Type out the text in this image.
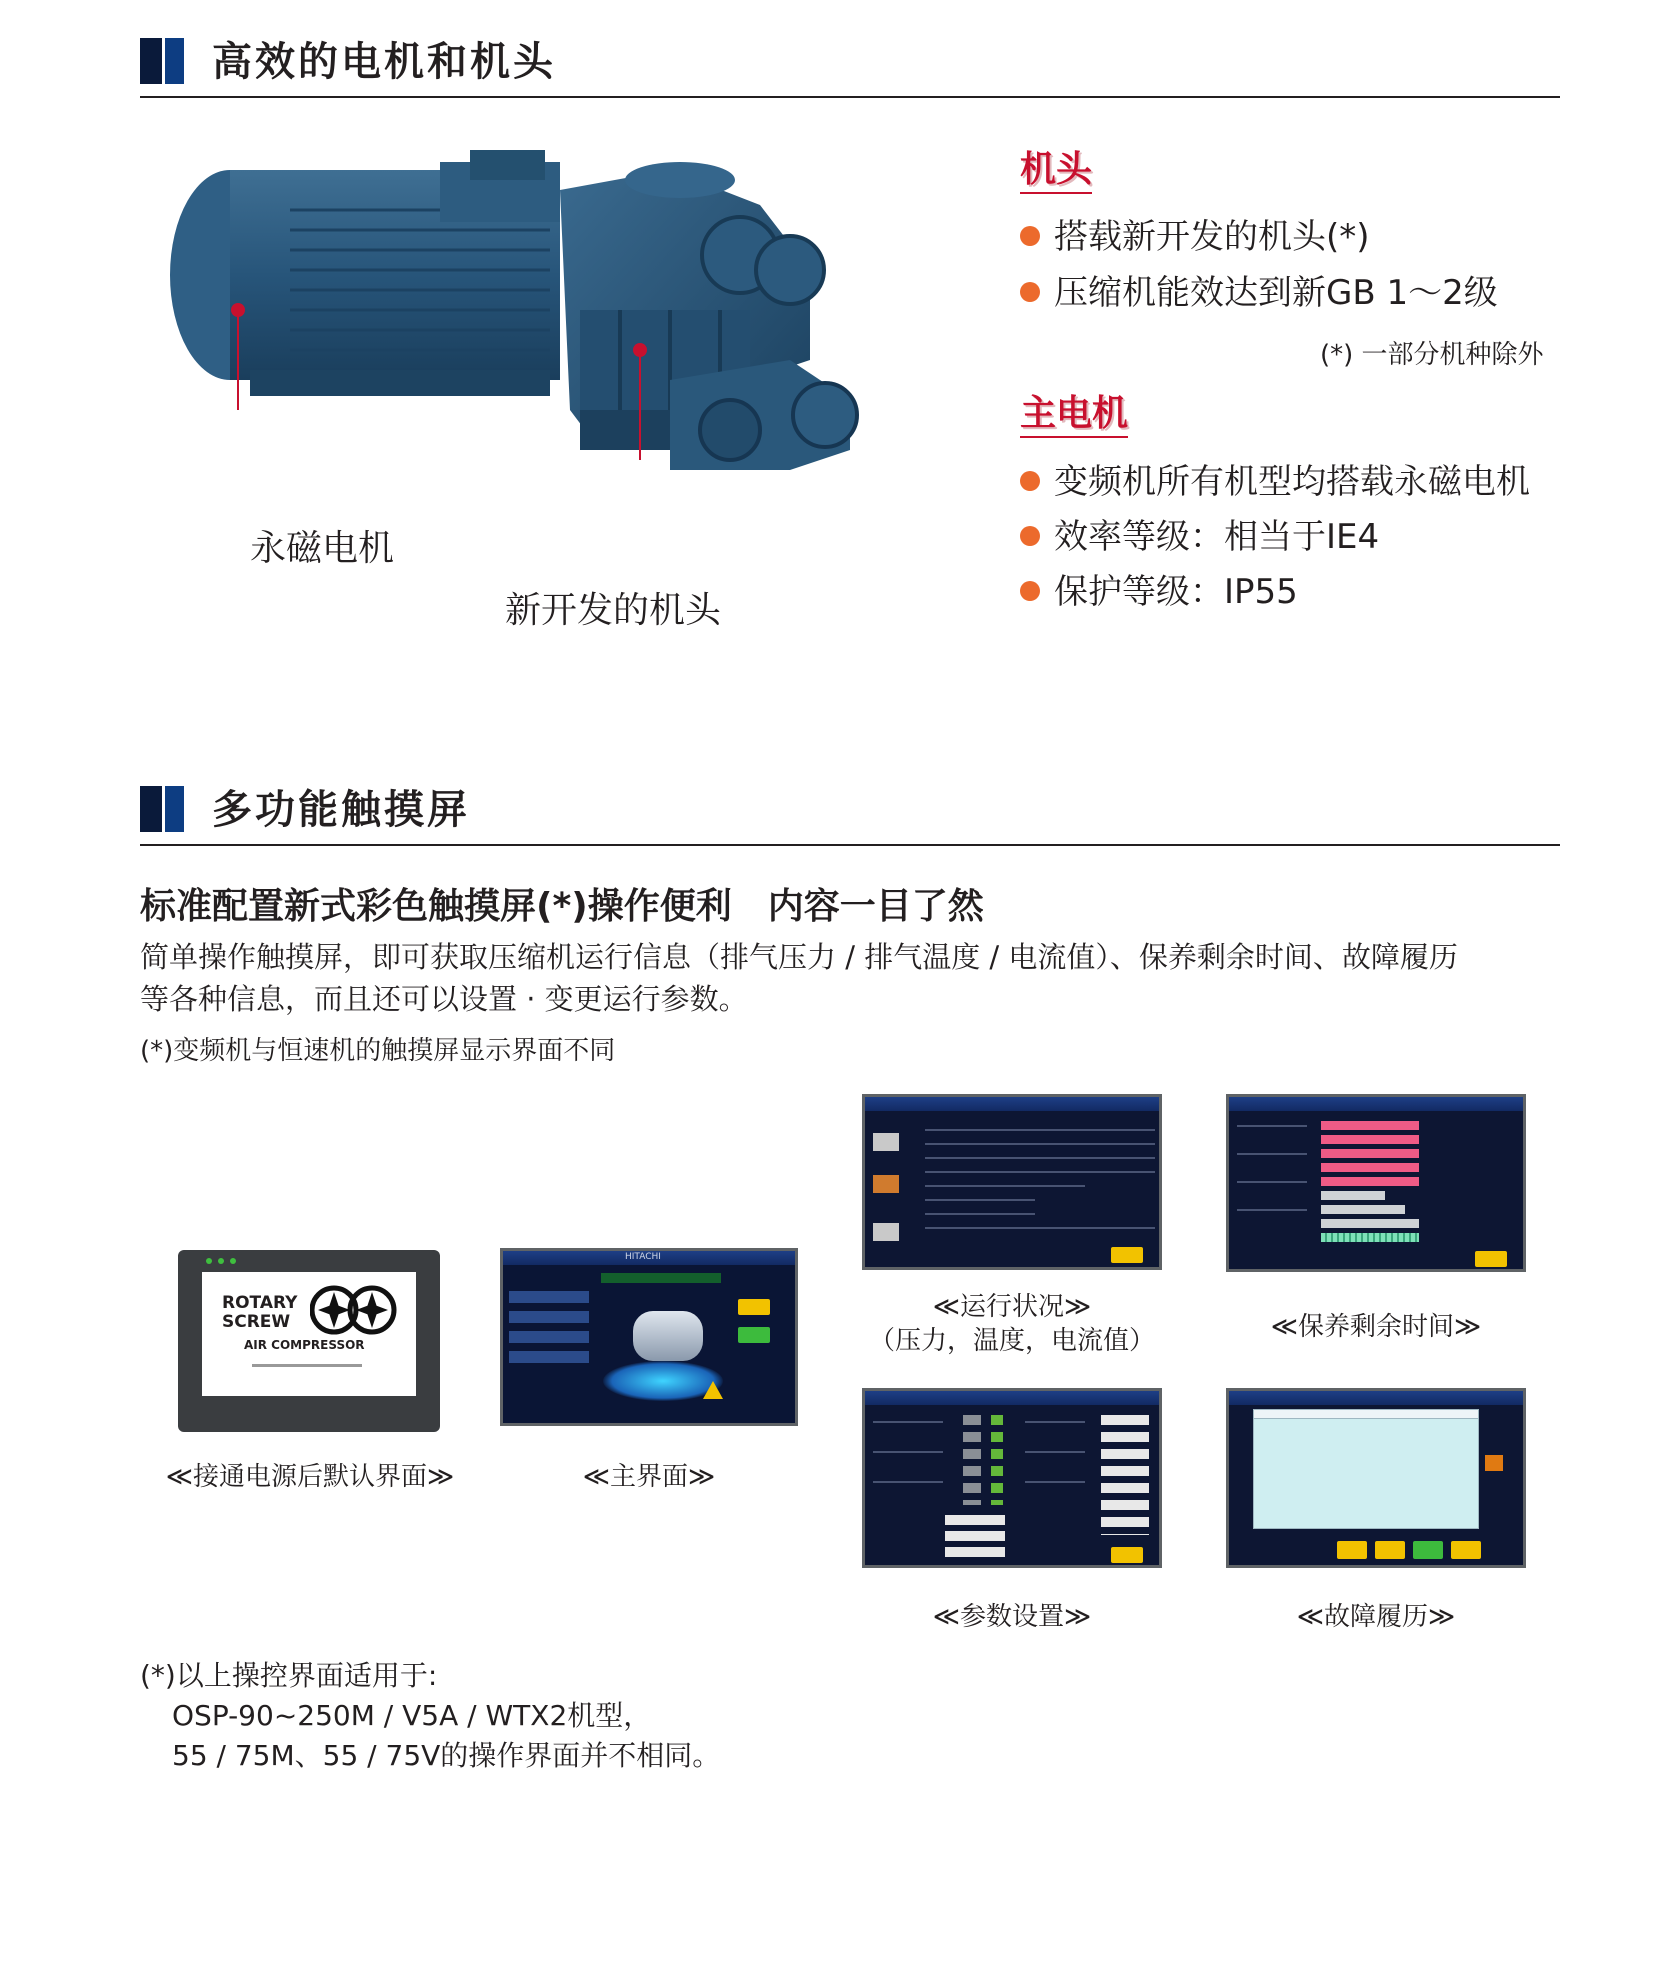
高效的电机和机头
永磁电机
新开发的机头
机头
搭载新开发的机头(*)
压缩机能效达到新GB 1～2级
(*) 一部分机种除外
主电机
变频机所有机型均搭载永磁电机
效率等级：相当于IE4
保护等级：IP55
多功能触摸屏
标准配置新式彩色触摸屏(*)操作便利　内容一目了然

简单操作触摸屏，即可获取压缩机运行信息（排气压力 / 排气温度 / 电流值）、保养剩余时间、故障履历

等各种信息，而且还可以设置 · 变更运行参数。

(*)变频机与恒速机的触摸屏显示界面不同
ROTARY
SCREW
AIR COMPRESSOR
≪接通电源后默认界面≫
HITACHI
≪主界面≫
≪运行状况≫
（压力，温度，电流值）	≪保养剩余时间≫
≪参数设置≫	≪故障履历≫
(*)以上操控界面适用于:
OSP-90~250M / V5A / WTX2机型，
55 / 75M、55 / 75V的操作界面并不相同。
